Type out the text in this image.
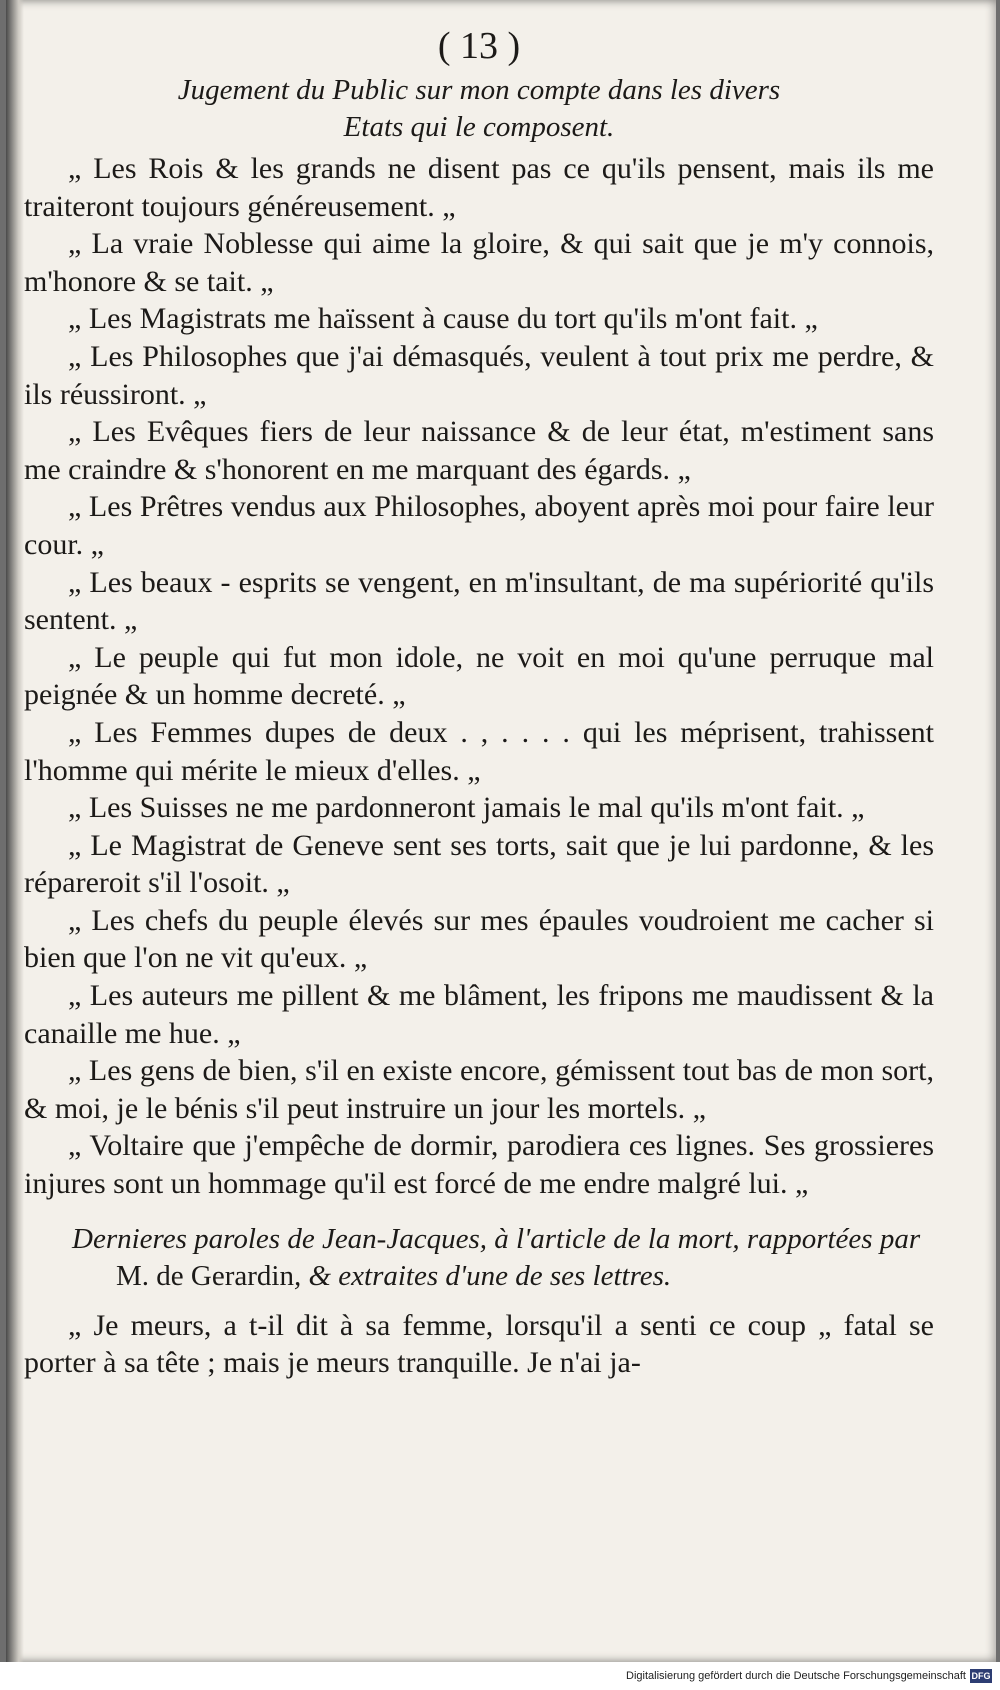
( 13 )
Jugement du Public sur mon compte dans les divers
Etats qui le composent.

„ Les Rois & les grands ne disent pas ce qu'ils pensent, mais ils me traiteront toujours généreusement. „

„ La vraie Noblesse qui aime la gloire, & qui sait que je m'y connois, m'honore & se tait. „

„ Les Magistrats me haïssent à cause du tort qu'ils m'ont fait. „

„ Les Philosophes que j'ai démasqués, veulent à tout prix me perdre, & ils réussiront. „

„ Les Evêques fiers de leur naissance & de leur état, m'estiment sans me craindre & s'honorent en me marquant des égards. „

„ Les Prêtres vendus aux Philosophes, aboyent après moi pour faire leur cour. „

„ Les beaux - esprits se vengent, en m'insultant, de ma supériorité qu'ils sentent. „

„ Le peuple qui fut mon idole, ne voit en moi qu'une perruque mal peignée & un homme decreté. „

„ Les Femmes dupes de deux . , . . . . qui les méprisent, trahissent l'homme qui mérite le mieux d'elles. „

„ Les Suisses ne me pardonneront jamais le mal qu'ils m'ont fait. „

„ Le Magistrat de Geneve sent ses torts, sait que je lui pardonne, & les répareroit s'il l'osoit. „

„ Les chefs du peuple élevés sur mes épaules voudroient me cacher si bien que l'on ne vit qu'eux. „

„ Les auteurs me pillent & me blâment, les fripons me maudissent & la canaille me hue. „

„ Les gens de bien, s'il en existe encore, gémissent tout bas de mon sort, & moi, je le bénis s'il peut instruire un jour les mortels. „

„ Voltaire que j'empêche de dormir, parodiera ces lignes. Ses grossieres injures sont un hommage qu'il est forcé de me endre malgré lui. „

Dernieres paroles de Jean-Jacques, à l'article de la mort, rapportées par M. de Gerardin, & extraites d'une de ses lettres.

„ Je meurs, a t-il dit à sa femme, lorsqu'il a senti ce coup „ fatal se porter à sa tête ; mais je meurs tranquille. Je n'ai ja-

Digitalisierung gefördert durch die Deutsche Forschungsgemeinschaft DFG
